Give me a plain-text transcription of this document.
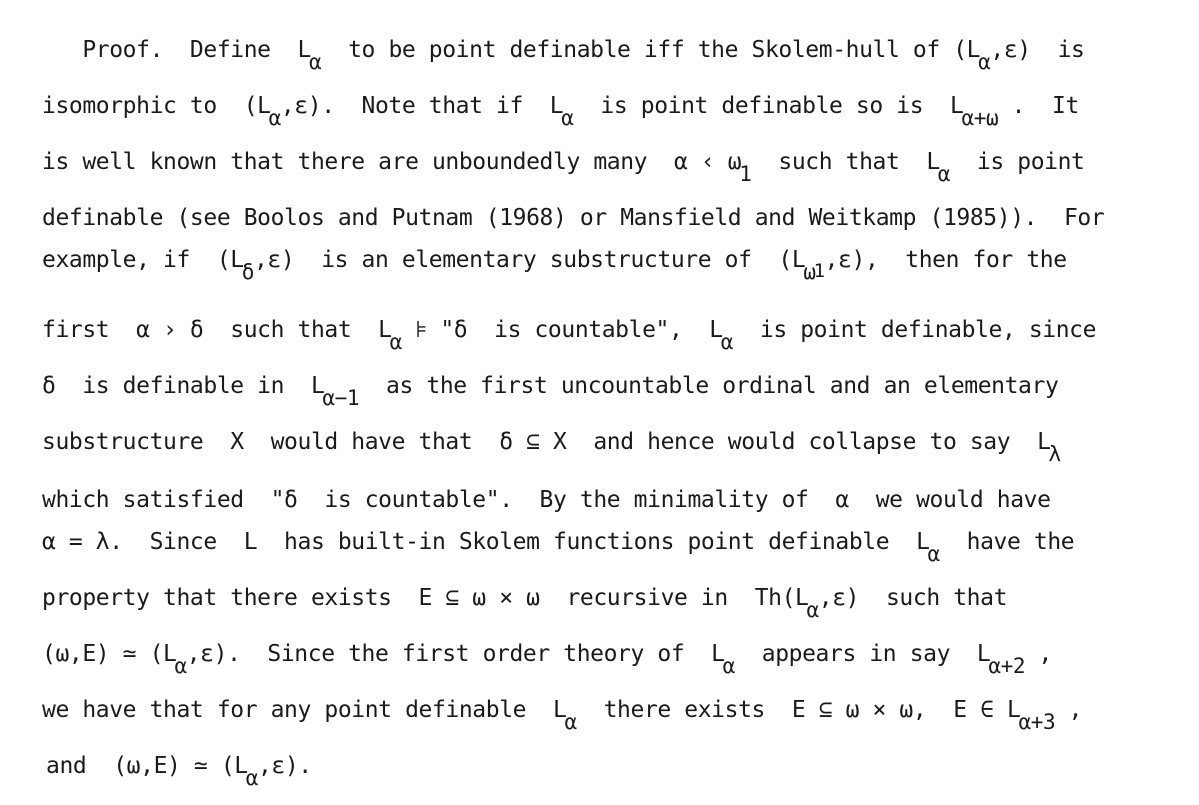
Proof.  Define  Lα  to be point definable iff the Skolem-hull of (Lα,ε)  is
isomorphic to  (Lα,ε).  Note that if  Lα  is point definable so is  Lα+ω .  It
is well known that there are unboundedly many  α ‹ ω1  such that  Lα  is point
definable (see Boolos and Putnam (1968) or Mansfield and Weitkamp (1985)).  For
example, if  (Lδ,ε)  is an elementary substructure of  (Lω1,ε),  then for the
first  α › δ  such that  Lα ⊧ "δ  is countable",  Lα  is point definable, since
δ  is definable in  Lα−1  as the first uncountable ordinal and an elementary
substructure  X  would have that  δ ⊆ X  and hence would collapse to say  Lλ
which satisfied  "δ  is countable".  By the minimality of  α  we would have
α = λ.  Since  L  has built-in Skolem functions point definable  Lα  have the
property that there exists  E ⊆ ω × ω  recursive in  Th(Lα,ε)  such that
(ω,E) ≃ (Lα,ε).  Since the first order theory of  Lα  appears in say  Lα+2 ,
we have that for any point definable  Lα  there exists  E ⊆ ω × ω,  E ∈ Lα+3 ,
and  (ω,E) ≃ (Lα,ε).
